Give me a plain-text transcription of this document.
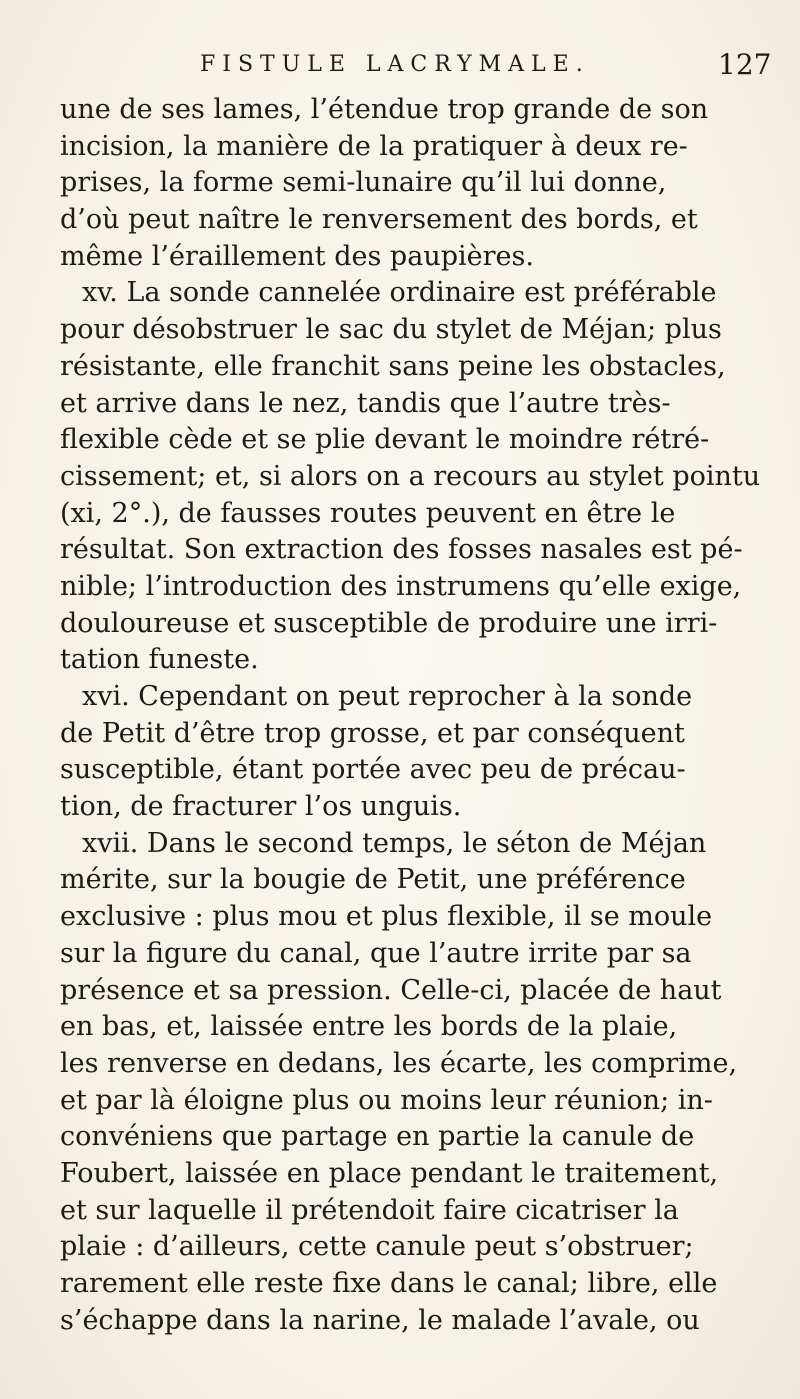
FISTULE LACRYMALE.	127
une de ses lames, l’étendue trop grande de son
incision, la manière de la pratiquer à deux re-
prises, la forme semi-lunaire qu’il lui donne,
d’où peut naître le renversement des bords, et
même l’éraillement des paupières.
xv. La sonde cannelée ordinaire est préférable
pour désobstruer le sac du stylet de Méjan; plus
résistante, elle franchit sans peine les obstacles,
et arrive dans le nez, tandis que l’autre très-
flexible cède et se plie devant le moindre rétré-
cissement; et, si alors on a recours au stylet pointu
(xi, 2°.), de fausses routes peuvent en être le
résultat. Son extraction des fosses nasales est pé-
nible; l’introduction des instrumens qu’elle exige,
douloureuse et susceptible de produire une irri-
tation funeste.
xvi. Cependant on peut reprocher à la sonde
de Petit d’être trop grosse, et par conséquent
susceptible, étant portée avec peu de précau-
tion, de fracturer l’os unguis.
xvii. Dans le second temps, le séton de Méjan
mérite, sur la bougie de Petit, une préférence
exclusive : plus mou et plus flexible, il se moule
sur la figure du canal, que l’autre irrite par sa
présence et sa pression. Celle-ci, placée de haut
en bas, et, laissée entre les bords de la plaie,
les renverse en dedans, les écarte, les comprime,
et par là éloigne plus ou moins leur réunion; in-
convéniens que partage en partie la canule de
Foubert, laissée en place pendant le traitement,
et sur laquelle il prétendoit faire cicatriser la
plaie : d’ailleurs, cette canule peut s’obstruer;
rarement elle reste fixe dans le canal; libre, elle
s’échappe dans la narine, le malade l’avale, ou
